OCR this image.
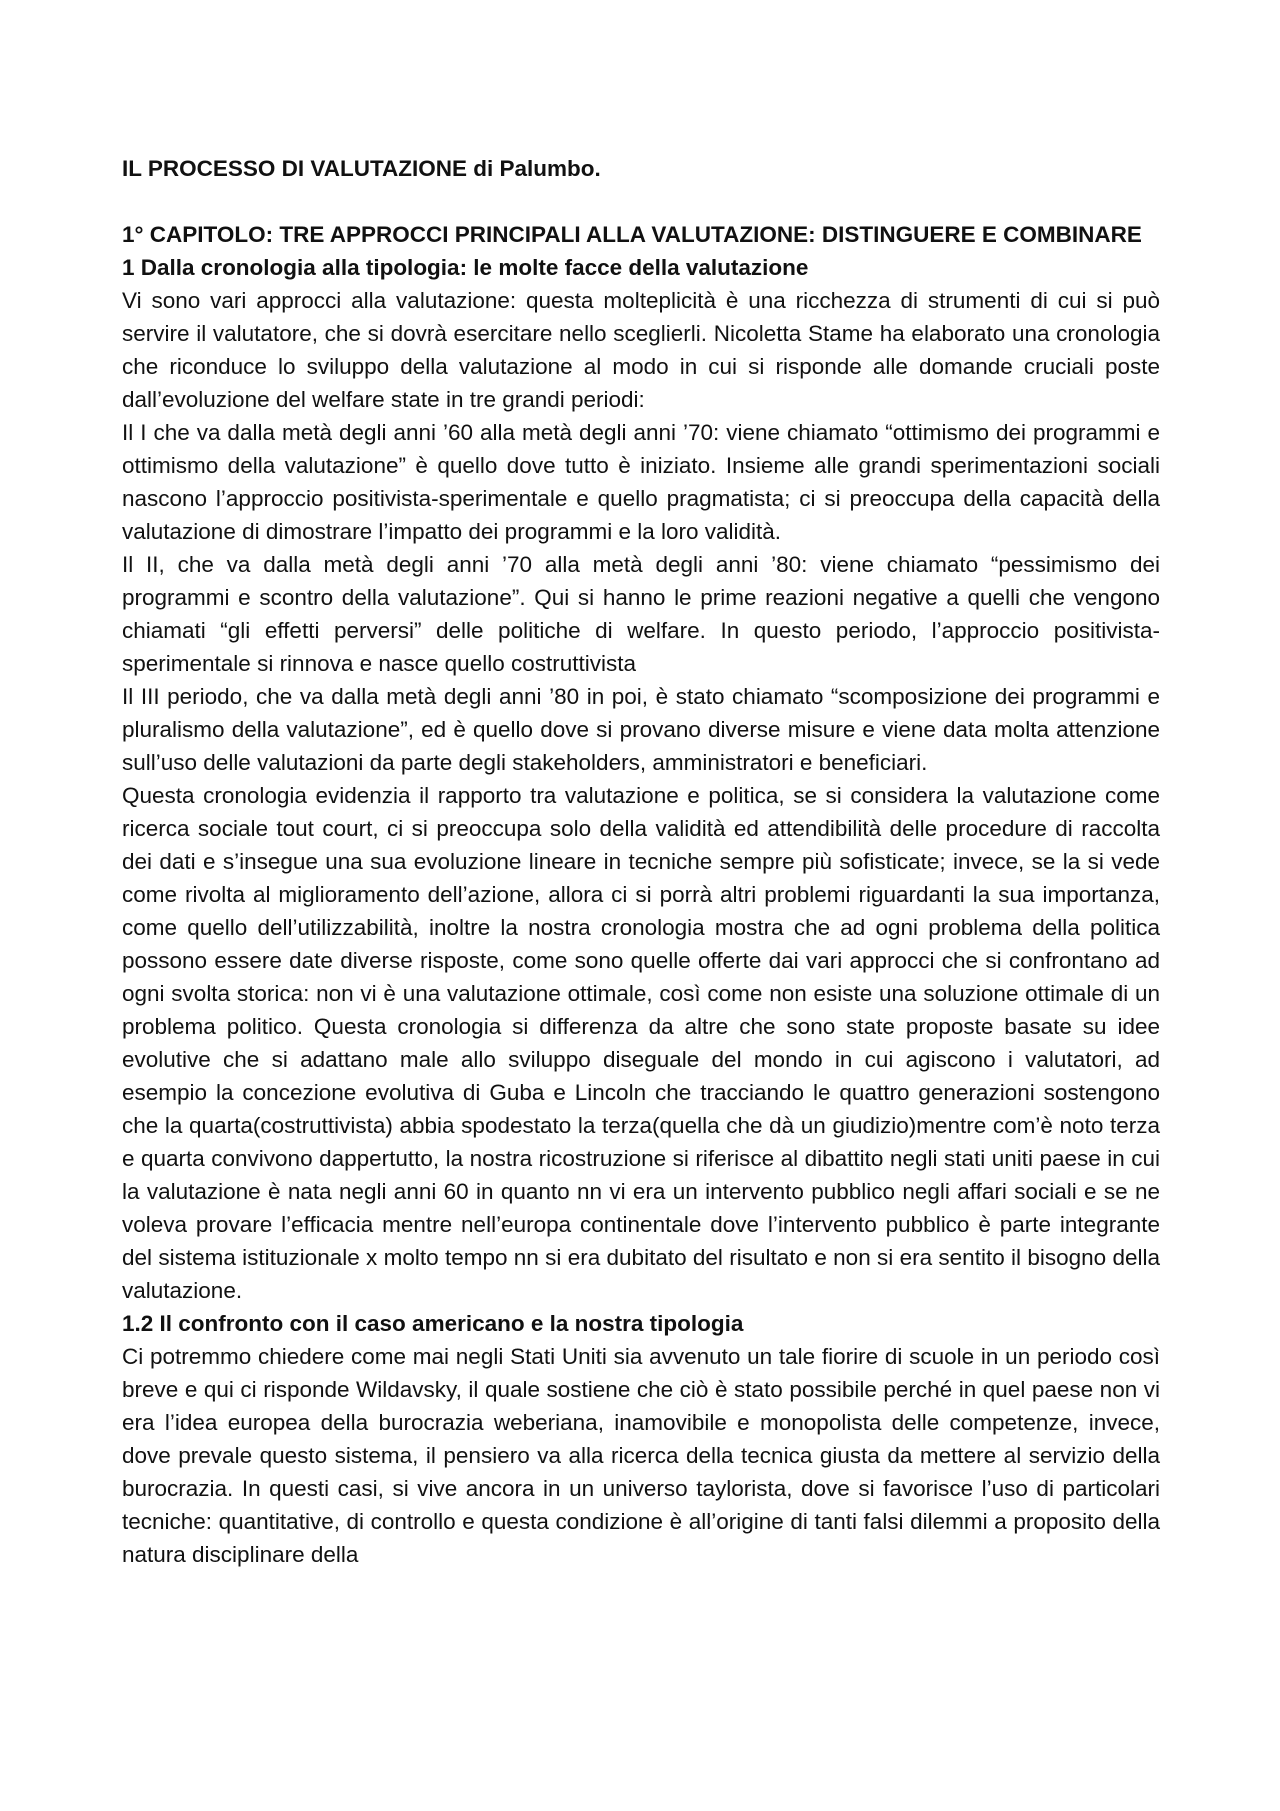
IL PROCESSO DI VALUTAZIONE di Palumbo.
1° CAPITOLO: TRE APPROCCI PRINCIPALI ALLA VALUTAZIONE: DISTINGUERE E COMBINARE
1 Dalla cronologia alla tipologia: le molte facce della valutazione

Vi sono vari approcci alla valutazione: questa molteplicità è una ricchezza di strumenti di cui si può servire il valutatore, che si dovrà esercitare nello sceglierli. Nicoletta Stame ha elaborato una cronologia che riconduce lo sviluppo della valutazione al modo in cui si risponde alle domande cruciali poste dall’evoluzione del welfare state in tre grandi periodi:

Il I che va dalla metà degli anni ’60 alla metà degli anni ’70: viene chiamato “ottimismo dei programmi e ottimismo della valutazione” è quello dove tutto è iniziato. Insieme alle grandi sperimentazioni sociali nascono l’approccio positivista-sperimentale e quello pragmatista; ci si preoccupa della capacità della valutazione di dimostrare l’impatto dei programmi e la loro validità.

Il II, che va dalla metà degli anni ’70 alla metà degli anni ’80: viene chiamato “pessimismo dei programmi e scontro della valutazione”. Qui si hanno le prime reazioni negative a quelli che vengono chiamati “gli effetti perversi” delle politiche di welfare. In questo periodo, l’approccio positivista-sperimentale si rinnova e nasce quello costruttivista

Il III periodo, che va dalla metà degli anni ’80 in poi, è stato chiamato “scomposizione dei programmi e pluralismo della valutazione”, ed è quello dove si provano diverse misure e viene data molta attenzione sull’uso delle valutazioni da parte degli stakeholders, amministratori e beneficiari.

Questa cronologia evidenzia il rapporto tra valutazione e politica, se si considera la valutazione come ricerca sociale tout court, ci si preoccupa solo della validità ed attendibilità delle procedure di raccolta dei dati e s’insegue una sua evoluzione lineare in tecniche sempre più sofisticate; invece, se la si vede come rivolta al miglioramento dell’azione, allora ci si porrà altri problemi riguardanti la sua importanza, come quello dell’utilizzabilità, inoltre la nostra cronologia mostra che ad ogni problema della politica possono essere date diverse risposte, come sono quelle offerte dai vari approcci che si confrontano ad ogni svolta storica: non vi è una valutazione ottimale, così come non esiste una soluzione ottimale di un problema politico. Questa cronologia si differenza da altre che sono state proposte basate su idee evolutive che si adattano male allo sviluppo diseguale del mondo in cui agiscono i valutatori, ad esempio la concezione evolutiva di Guba e Lincoln che tracciando le quattro generazioni sostengono che la quarta(costruttivista) abbia spodestato la terza(quella che dà un giudizio)mentre com’è noto terza e quarta convivono dappertutto, la nostra ricostruzione si riferisce al dibattito negli stati uniti paese in cui la valutazione è nata negli anni 60 in quanto nn vi era un intervento pubblico negli affari sociali e se ne voleva provare l’efficacia mentre nell’europa continentale dove l’intervento pubblico è parte integrante del sistema istituzionale x molto tempo nn si era dubitato del risultato e non si era sentito il bisogno della valutazione.

1.2 Il confronto con il caso americano e la nostra tipologia

Ci potremmo chiedere come mai negli Stati Uniti sia avvenuto un tale fiorire di scuole in un periodo così breve e qui ci risponde Wildavsky, il quale sostiene che ciò è stato possibile perché in quel paese non vi era l’idea europea della burocrazia weberiana, inamovibile e monopolista delle competenze, invece, dove prevale questo sistema, il pensiero va alla ricerca della tecnica giusta da mettere al servizio della burocrazia. In questi casi, si vive ancora in un universo taylorista, dove si favorisce l’uso di particolari tecniche: quantitative, di controllo e questa condizione è all’origine di tanti falsi dilemmi a proposito della natura disciplinare della
